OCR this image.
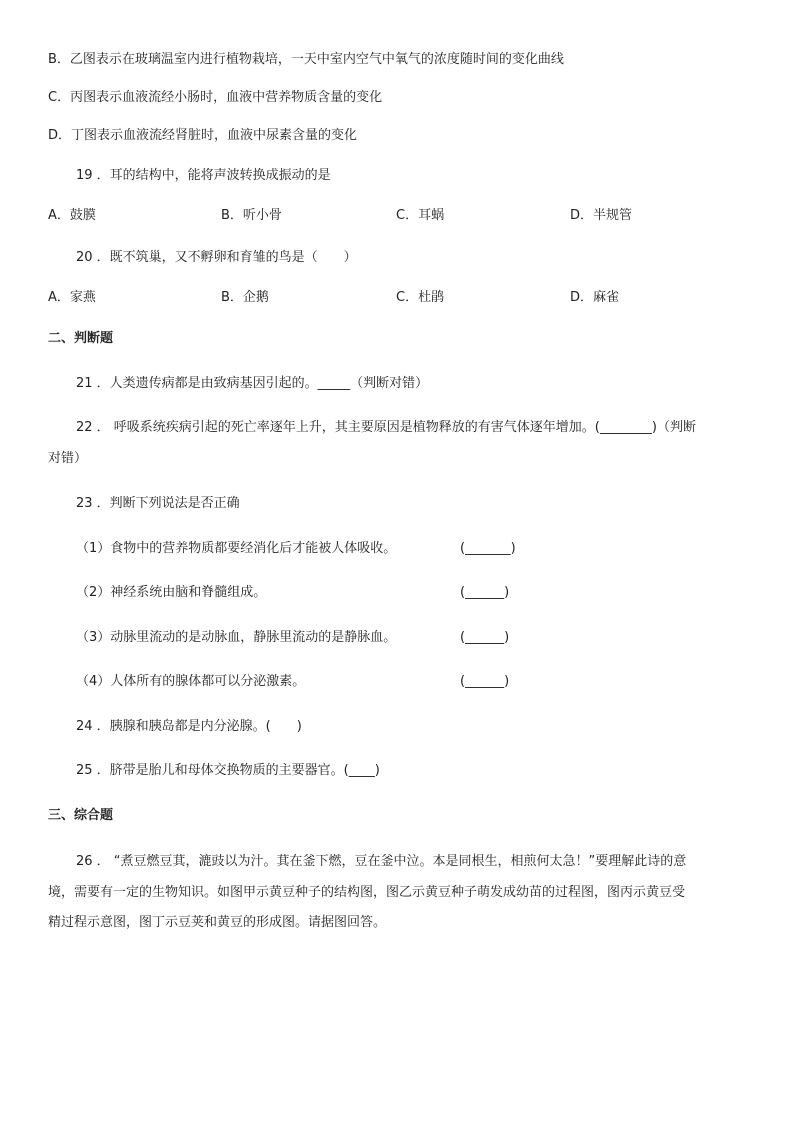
B．乙图表示在玻璃温室内进行植物栽培，一天中室内空气中氧气的浓度随时间的变化曲线
C．丙图表示血液流经小肠时，血液中营养物质含量的变化
D．丁图表示血液流经肾脏时，血液中尿素含量的变化
19 ．耳的结构中，能将声波转换成振动的是
A．鼓膜	B．听小骨	C．耳蜗	D．半规管
20 ．既不筑巢，又不孵卵和育雏的鸟是（　　）
A．家燕	B．企鹅	C．杜鹃	D．麻雀
二、判断题
21 ．人类遗传病都是由致病基因引起的。_____（判断对错）
22 ． 呼吸系统疾病引起的死亡率逐年上升，其主要原因是植物释放的有害气体逐年增加。(________)（判断
对错）
23 ．判断下列说法是否正确
（1）食物中的营养物质都要经消化后才能被人体吸收。	(_______)
（2）神经系统由脑和脊髓组成。	(______)
（3）动脉里流动的是动脉血，静脉里流动的是静脉血。	(______)
（4）人体所有的腺体都可以分泌激素。	(______)
24 ．胰腺和胰岛都是内分泌腺。(　　)
25 ．脐带是胎儿和母体交换物质的主要器官。(____)
三、综合题
26 ． “煮豆燃豆萁，漉豉以为汁。萁在釜下燃，豆在釜中泣。本是同根生，相煎何太急！”要理解此诗的意
境，需要有一定的生物知识。如图甲示黄豆种子的结构图，图乙示黄豆种子萌发成幼苗的过程图，图丙示黄豆受
精过程示意图，图丁示豆荚和黄豆的形成图。请据图回答。
